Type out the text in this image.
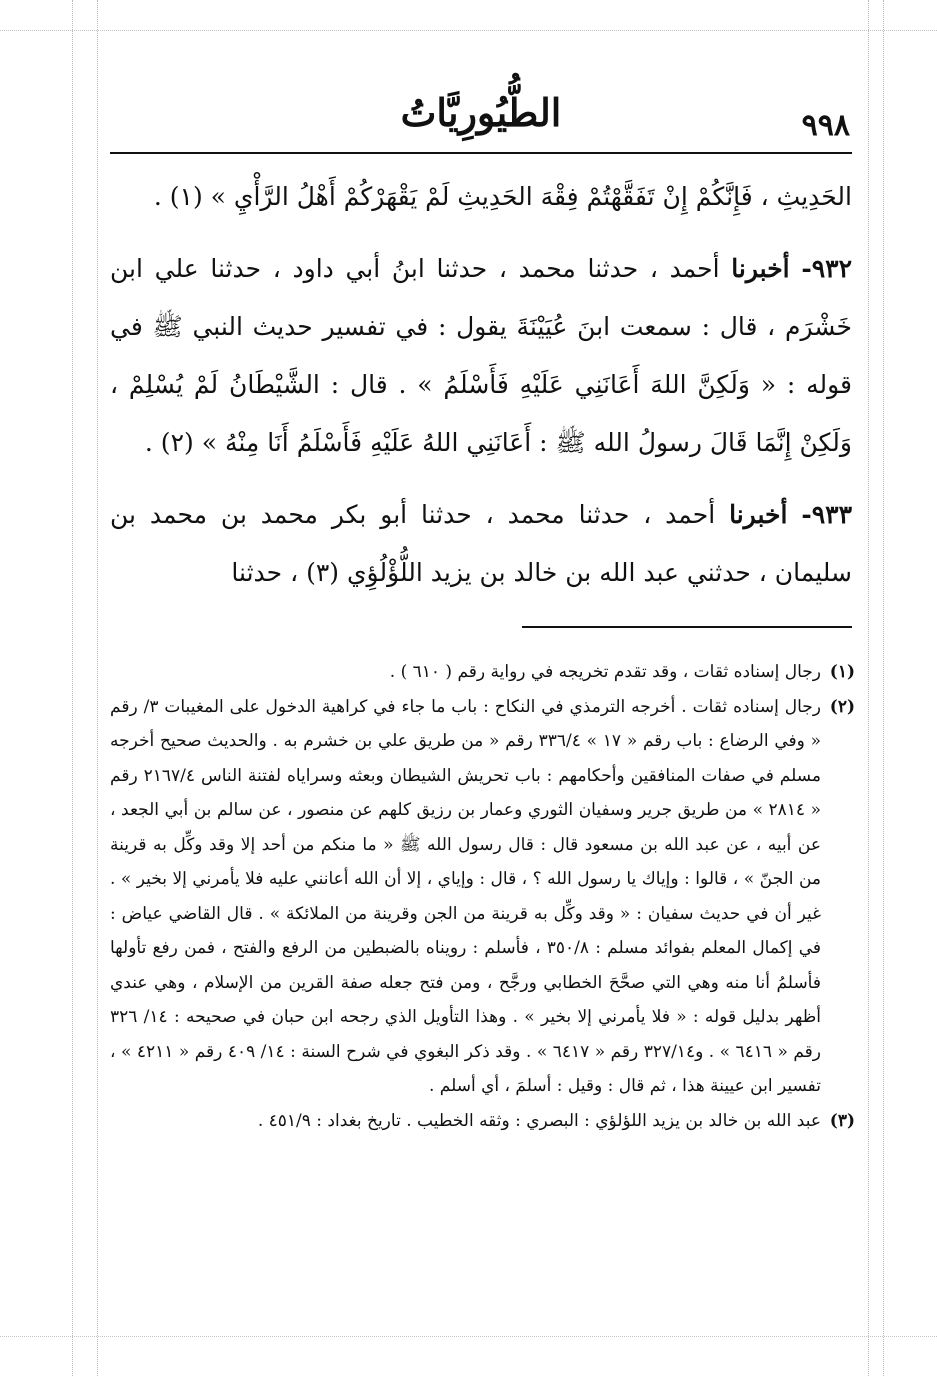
الطُّيُورِيَّاتُ	٩٩٨

الحَدِيثِ ، فَإِنَّكُمْ إِنْ تَفَقَّهْتُمْ فِقْهَ الحَدِيثِ لَمْ يَقْهَرْكُمْ أَهْلُ الرَّأْيِ » (١) .

٩٣٢- أخبرنا أحمد ، حدثنا محمد ، حدثنا ابنُ أبي داود ، حدثنا علي ابن خَشْرَم ، قال : سمعت ابنَ عُيَيْنَةَ يقول : في تفسير حديث النبي ﷺ في قوله : « وَلَكِنَّ اللهَ أَعَانَنِي عَلَيْهِ فَأَسْلَمُ » . قال : الشَّيْطَانُ لَمْ يُسْلِمْ ، وَلَكِنْ إِنَّمَا قَالَ رسولُ الله ﷺ : أَعَانَنِي اللهُ عَلَيْهِ فَأَسْلَمُ أَنَا مِنْهُ » (٢) .

٩٣٣- أخبرنا أحمد ، حدثنا محمد ، حدثنا أبو بكر محمد بن محمد بن سليمان ، حدثني عبد الله بن خالد بن يزيد اللُّؤْلُؤِي (٣) ، حدثنا

(١)
رجال إسناده ثقات ، وقد تقدم تخريجه في رواية رقم ( ٦١٠ ) .
(٢)
رجال إسناده ثقات . أخرجه الترمذي في النكاح : باب ما جاء في كراهية الدخول على المغيبات ٣/ رقم « وفي الرضاع : باب رقم « ١٧ » ٣٣٦/٤ رقم « من طريق علي بن خشرم به . والحديث صحيح أخرجه مسلم في صفات المنافقين وأحكامهم : باب تحريش الشيطان وبعثه وسراياه لفتنة الناس ٢١٦٧/٤ رقم « ٢٨١٤ » من طريق جرير وسفيان الثوري وعمار بن رزيق كلهم عن منصور ، عن سالم بن أبي الجعد ، عن أبيه ، عن عبد الله بن مسعود قال : قال رسول الله ﷺ « ما منكم من أحد إلا وقد وكِّل به قرينة من الجنّ » ، قالوا : وإياك يا رسول الله ؟ ، قال : وإياي ، إلا أن الله أعانني عليه فلا يأمرني إلا بخير » . غير أن في حديث سفيان : « وقد وكِّل به قرينة من الجن وقرينة من الملائكة » . قال القاضي عياض : في إكمال المعلم بفوائد مسلم : ٣٥٠/٨ ، فأسلم : رويناه بالضبطين من الرفع والفتح ، فمن رفع تأولها فأسلمُ أنا منه وهي التي صحَّحَ الخطابي ورجَّح ، ومن فتح جعله صفة القرين من الإسلام ، وهي عندي أظهر بدليل قوله : « فلا يأمرني إلا بخير » . وهذا التأويل الذي رجحه ابن حبان في صحيحه : ١٤/ ٣٢٦ رقم « ٦٤١٦ » . و٣٢٧/١٤ رقم « ٦٤١٧ » . وقد ذكر البغوي في شرح السنة : ١٤/ ٤٠٩ رقم « ٤٢١١ » ، تفسير ابن عيينة هذا ، ثم قال : وقيل : أسلمَ ، أي أسلم .
(٣)
عبد الله بن خالد بن يزيد اللؤلؤي : البصري : وثقه الخطيب . تاريخ بغداد : ٤٥١/٩ .
